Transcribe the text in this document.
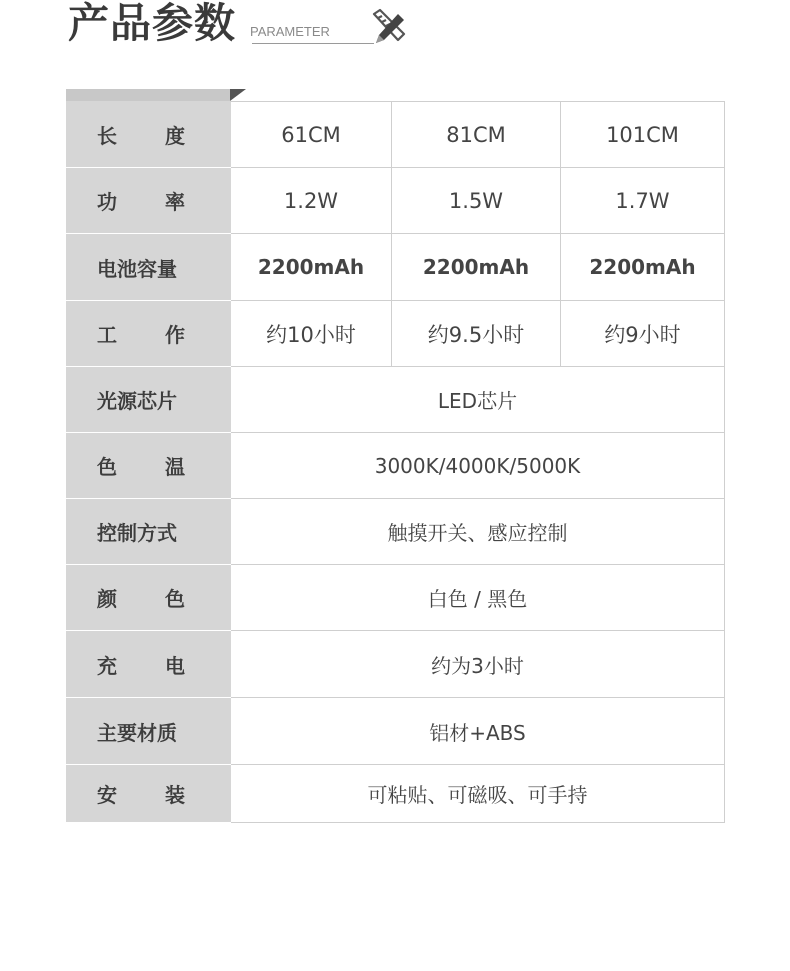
产品参数 PARAMETER
长 度	61CM	81CM	101CM

功 率	1.2W	1.5W	1.7W
电池容量	2200mAh	2200mAh	2200mAh

工 作	约10小时	约9.5小时	约9小时
光源芯片	LED芯片		

色 温	3000K/4000K/5000K		
控制方式	触摸开关、感应控制		

颜 色	白色 / 黑色		

充 电	约为3小时		
主要材质	铝材+ABS		

安 装	可粘贴、可磁吸、可手持		
